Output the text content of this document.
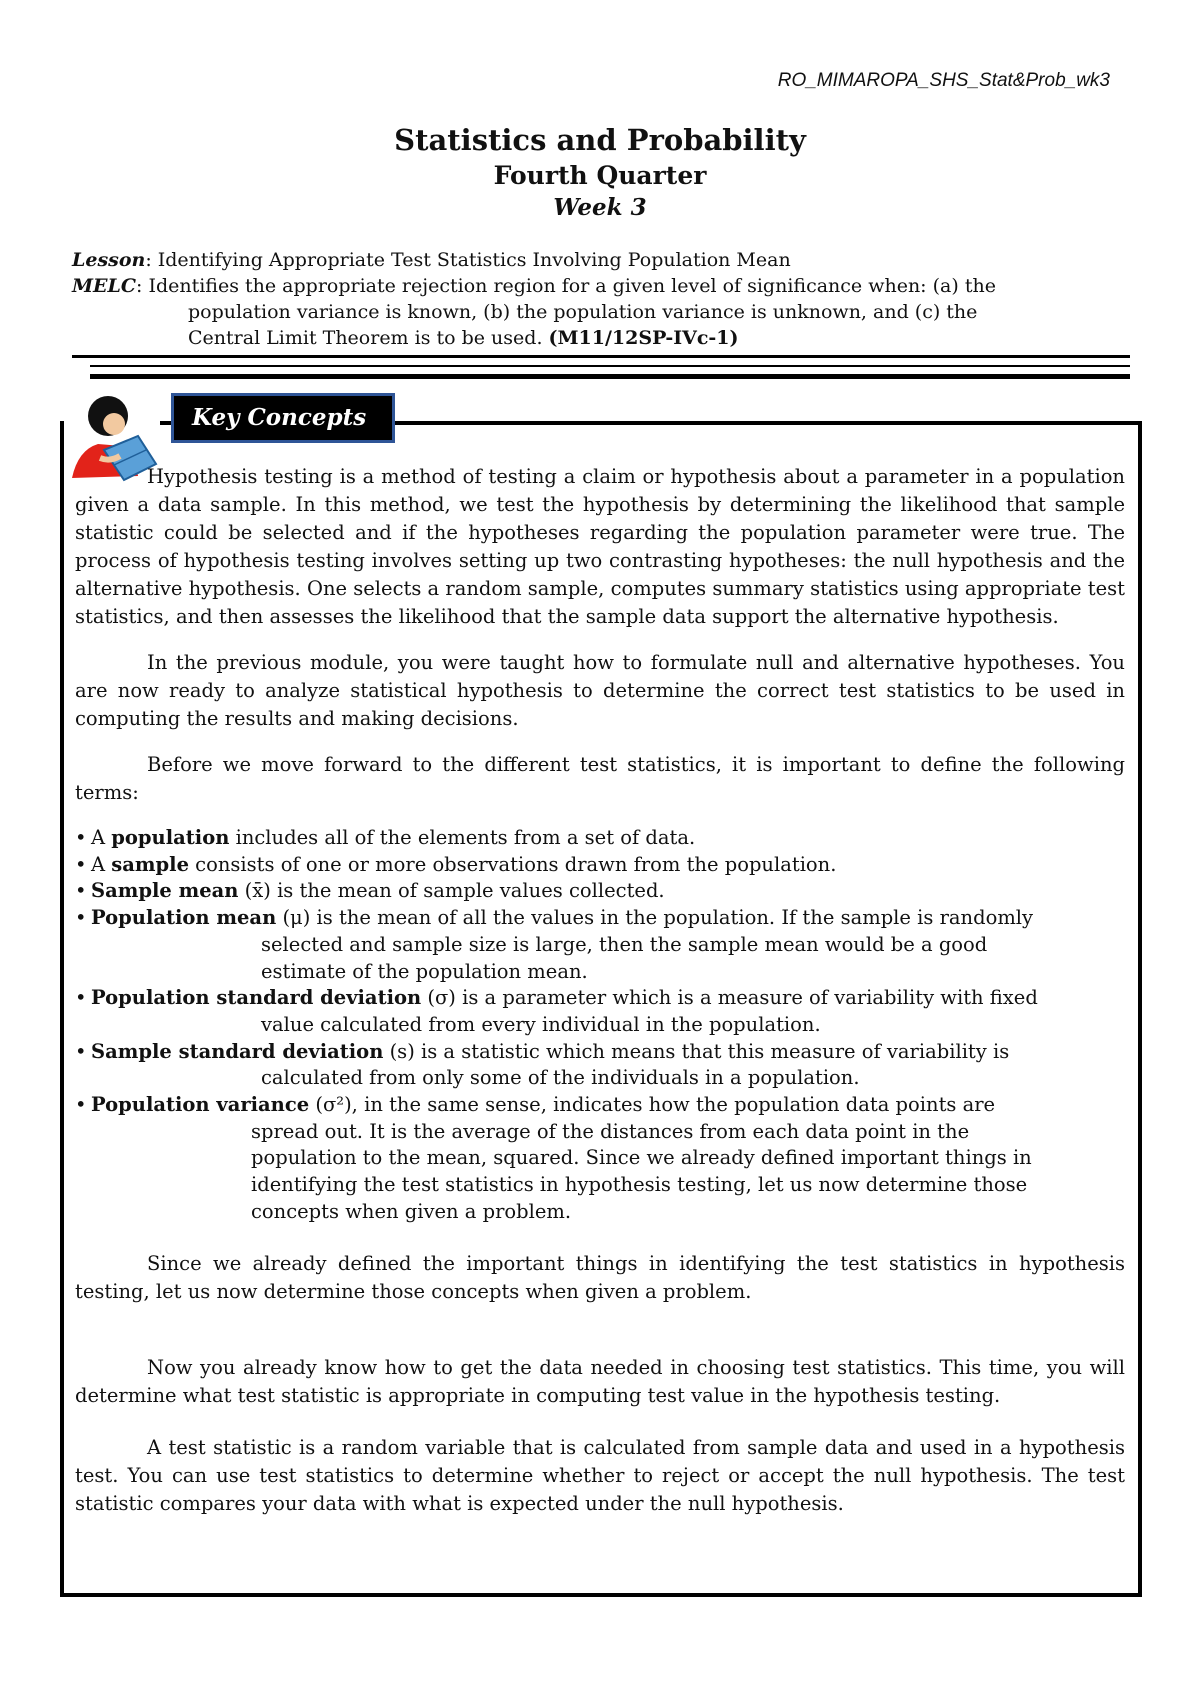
RO_MIMAROPA_SHS_Stat&Prob_wk3
Statistics and Probability
Fourth Quarter
Week 3
Lesson: Identifying Appropriate Test Statistics Involving Population Mean
MELC: Identifies the appropriate rejection region for a given level of significance when: (a) the
population variance is known, (b) the population variance is unknown, and (c) the
Central Limit Theorem is to be used. (M11/12SP-IVc-1)
Key Concepts

Hypothesis testing is a method of testing a claim or hypothesis about a parameter in a population given a data sample. In this method, we test the hypothesis by determining the likelihood that sample statistic could be selected and if the hypotheses regarding the population parameter were true. The process of hypothesis testing involves setting up two contrasting hypotheses: the null hypothesis and the alternative hypothesis. One selects a random sample, computes summary statistics using appropriate test statistics, and then assesses the likelihood that the sample data support the alternative hypothesis.

In the previous module, you were taught how to formulate null and alternative hypotheses. You are now ready to analyze statistical hypothesis to determine the correct test statistics to be used in computing the results and making decisions.

Before we move forward to the different test statistics, it is important to define the following terms:

• A population includes all of the elements from a set of data.
• A sample consists of one or more observations drawn from the population.
• Sample mean (x̄) is the mean of sample values collected.
• Population mean (μ) is the mean of all the values in the population. If the sample is randomly
selected and sample size is large, then the sample mean would be a good
estimate of the population mean.
• Population standard deviation (σ) is a parameter which is a measure of variability with fixed
value calculated from every individual in the population.
• Sample standard deviation (s) is a statistic which means that this measure of variability is
calculated from only some of the individuals in a population.
• Population variance (σ²), in the same sense, indicates how the population data points are
spread out. It is the average of the distances from each data point in the
population to the mean, squared. Since we already defined important things in
identifying the test statistics in hypothesis testing, let us now determine those
concepts when given a problem.

Since we already defined the important things in identifying the test statistics in hypothesis testing, let us now determine those concepts when given a problem.

Now you already know how to get the data needed in choosing test statistics. This time, you will determine what test statistic is appropriate in computing test value in the hypothesis testing.

A test statistic is a random variable that is calculated from sample data and used in a hypothesis test. You can use test statistics to determine whether to reject or accept the null hypothesis. The test statistic compares your data with what is expected under the null hypothesis.
